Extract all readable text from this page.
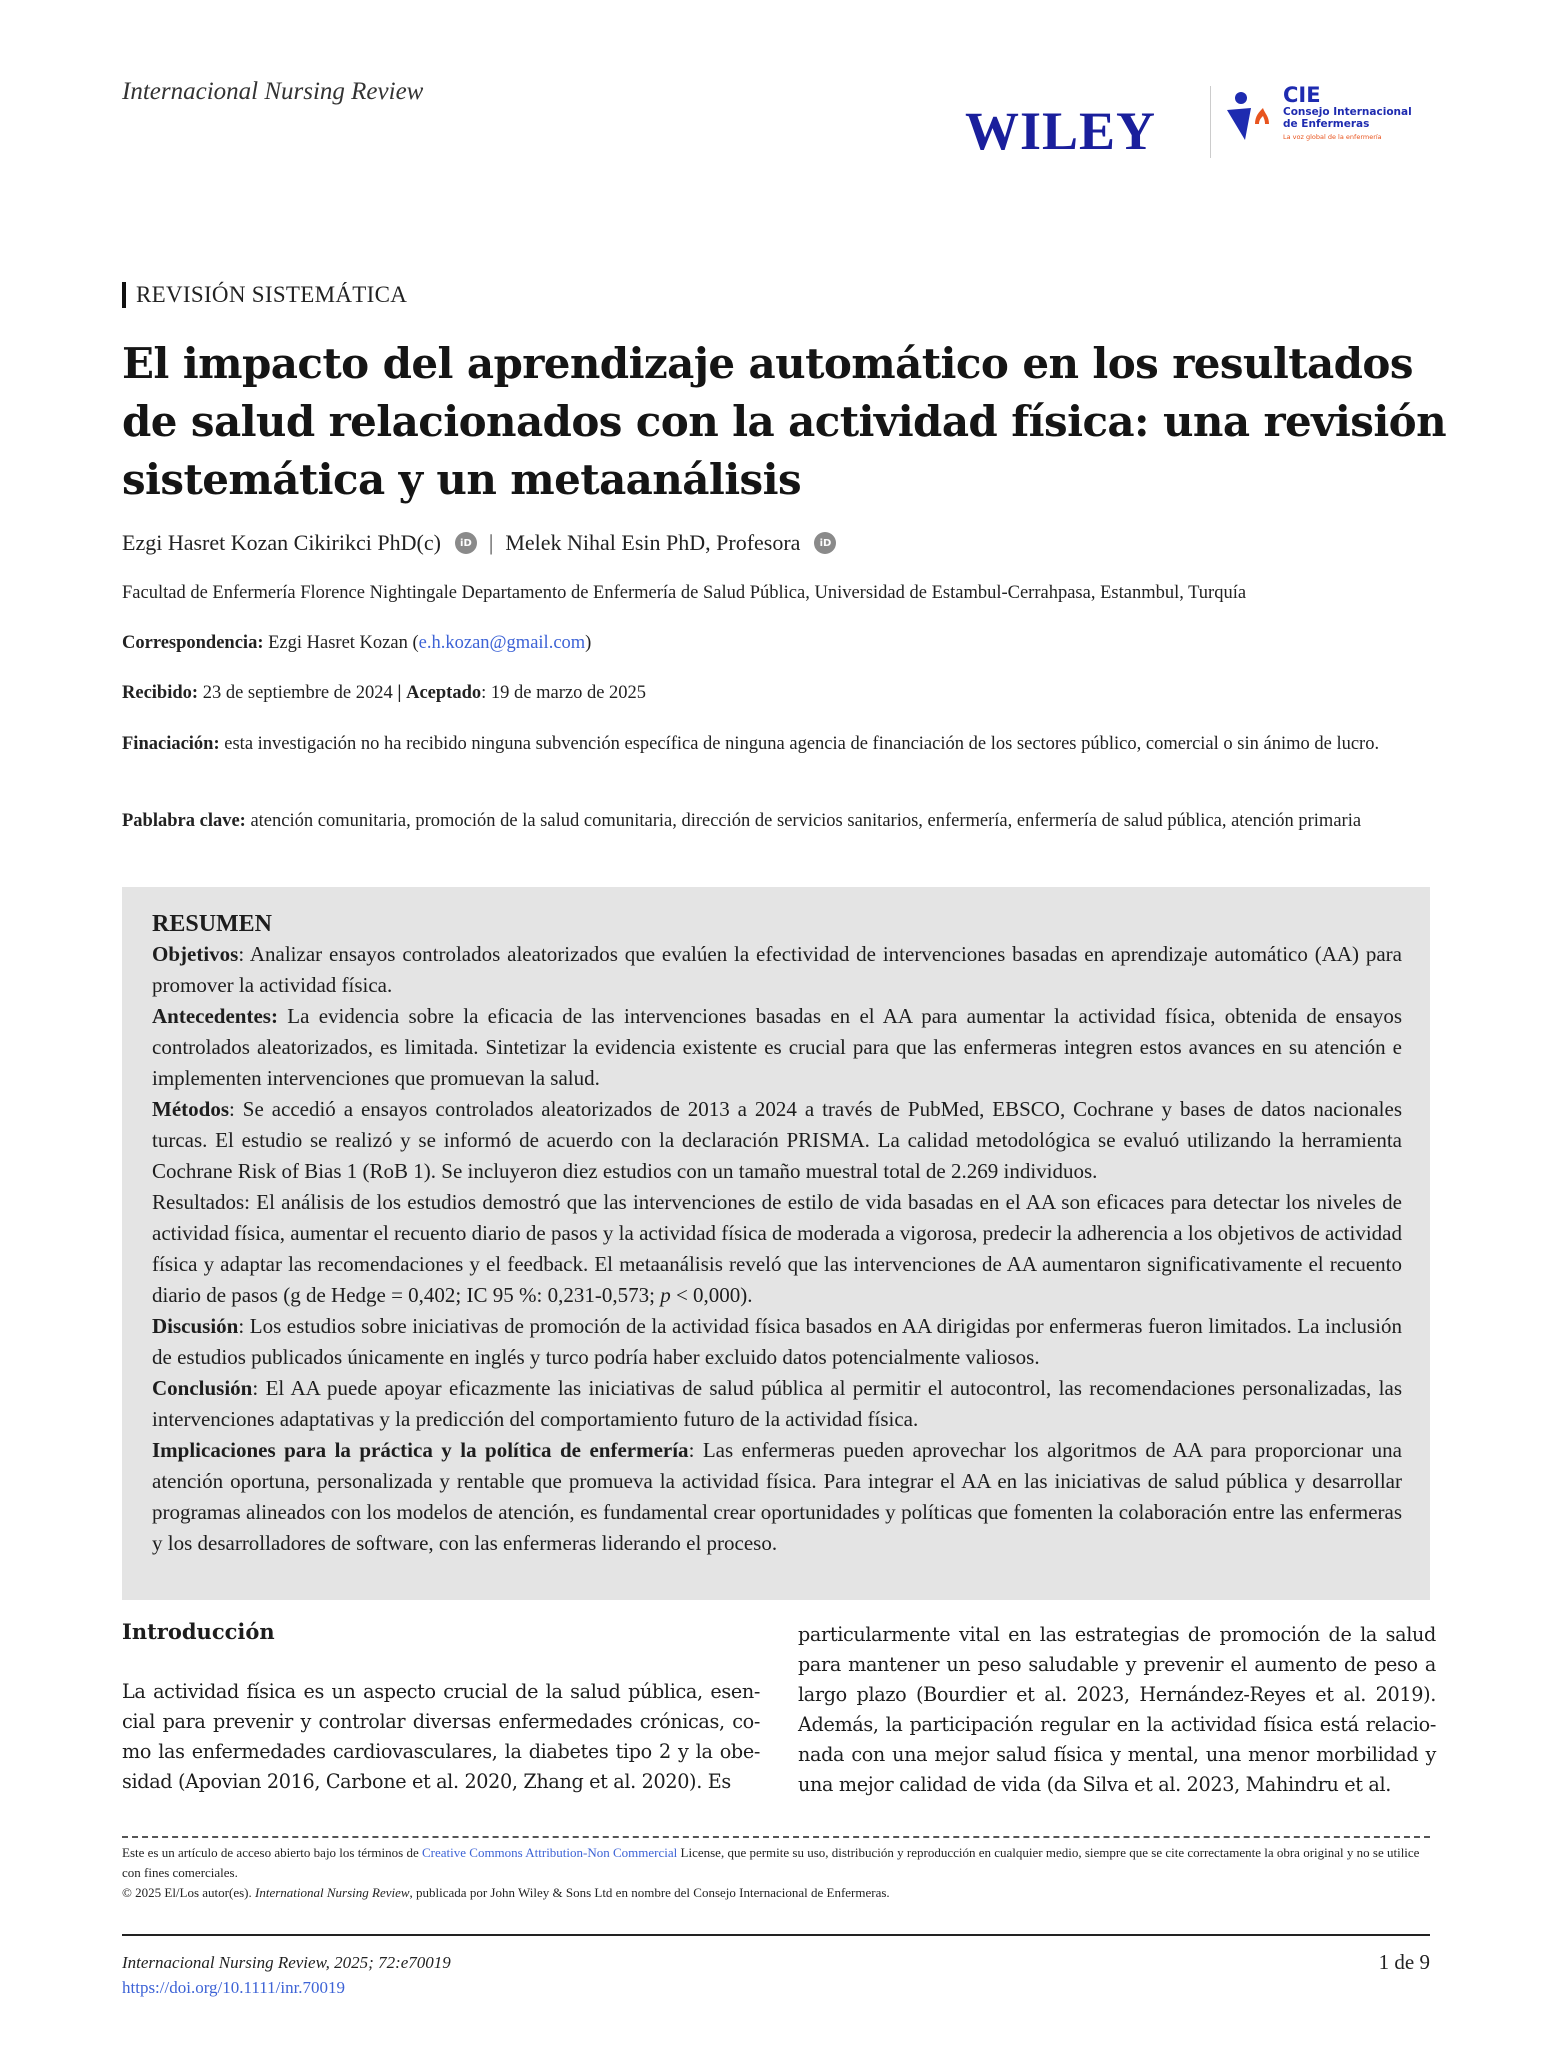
Internacional Nursing Review
WILEY
CIE
Consejo Internacional
de Enfermeras
La voz global de la enfermería
REVISIÓN SISTEMÁTICA
El impacto del aprendizaje automático en los resultados de salud relacionados con la actividad física: una revisión sistemática y un metaanálisis
Ezgi Hasret Kozan Cikirikci PhD(c)	iD | Melek Nihal Esin PhD, Profesora	iD
Facultad de Enfermería Florence Nightingale Departamento de Enfermería de Salud Pública, Universidad de Estambul-Cerrahpasa, Estanmbul, Turquía
Correspondencia: Ezgi Hasret Kozan (e.h.kozan@gmail.com)
Recibido: 23 de septiembre de 2024 | Aceptado: 19 de marzo de 2025
Finaciación: esta investigación no ha recibido ninguna subvención específica de ninguna agencia de financiación de los sectores público, comercial o sin ánimo de lucro.
Pablabra clave: atención comunitaria, promoción de la salud comunitaria, dirección de servicios sanitarios, enfermería, enfermería de salud pública, atención primaria
RESUMEN

Objetivos: Analizar ensayos controlados aleatorizados que evalúen la efectividad de intervenciones basadas en aprendizaje automático (AA) para promover la actividad física.

Antecedentes: La evidencia sobre la eficacia de las intervenciones basadas en el AA para aumentar la actividad física, obtenida de ensayos controlados aleatorizados, es limitada. Sintetizar la evidencia existente es crucial para que las enfermeras integren estos avances en su atención e implementen intervenciones que promuevan la salud.

Métodos: Se accedió a ensayos controlados aleatorizados de 2013 a 2024 a través de PubMed, EBSCO, Cochrane y bases de datos nacionales turcas. El estudio se realizó y se informó de acuerdo con la declaración PRISMA. La calidad metodológica se evaluó utilizando la herramienta Cochrane Risk of Bias 1 (RoB 1). Se incluyeron diez estudios con un tamaño muestral total de 2.269 individuos.

Resultados: El análisis de los estudios demostró que las intervenciones de estilo de vida basadas en el AA son eficaces para detectar los niveles de actividad física, aumentar el recuento diario de pasos y la actividad física de moderada a vigorosa, predecir la adherencia a los objetivos de actividad física y adaptar las recomendaciones y el feedback. El metaanálisis reveló que las intervenciones de AA aumentaron significativamente el recuento diario de pasos (g de Hedge = 0,402; IC 95 %: 0,231-0,573; p < 0,000).

Discusión: Los estudios sobre iniciativas de promoción de la actividad física basados en AA dirigidas por enfermeras fueron limitados. La inclusión de estudios publicados únicamente en inglés y turco podría haber excluido datos potencialmente valiosos.

Conclusión: El AA puede apoyar eficazmente las iniciativas de salud pública al permitir el autocontrol, las recomendaciones personalizadas, las intervenciones adaptativas y la predicción del comportamiento futuro de la actividad física.

Implicaciones para la práctica y la política de enfermería: Las enfermeras pueden aprovechar los algoritmos de AA para proporcionar una atención oportuna, personalizada y rentable que promueva la actividad física. Para integrar el AA en las iniciativas de salud pública y desarrollar programas alineados con los modelos de atención, es fundamental crear oportunidades y políticas que fomenten la colaboración entre las enfermeras y los desarrolladores de software, con las enfermeras liderando el proceso.

Introducción

La actividad física es un aspecto crucial de la salud pública, esen-cial para prevenir y controlar diversas enfermedades crónicas, co-mo las enfermedades cardiovasculares, la diabetes tipo 2 y la obe-sidad (Apovian 2016, Carbone et al. 2020, Zhang et al. 2020). Es

particularmente vital en las estrategias de promoción de la salud para mantener un peso saludable y prevenir el aumento de peso a largo plazo (Bourdier et al. 2023, Hernández-Reyes et al. 2019). Además, la participación regular en la actividad física está relacio-nada con una mejor salud física y mental, una menor morbilidad y una mejor calidad de vida (da Silva et al. 2023, Mahindru et al.

Este es un artículo de acceso abierto bajo los términos de Creative Commons Attribution-Non Commercial License, que permite su uso, distribución y reproducción en cualquier medio, siempre que se cite correctamente la obra original y no se utilice con fines comerciales.

© 2025 El/Los autor(es). International Nursing Review, publicada por John Wiley & Sons Ltd en nombre del Consejo Internacional de Enfermeras.

Internacional Nursing Review, 2025; 72:e70019
https://doi.org/10.1111/inr.70019
1 de 9
